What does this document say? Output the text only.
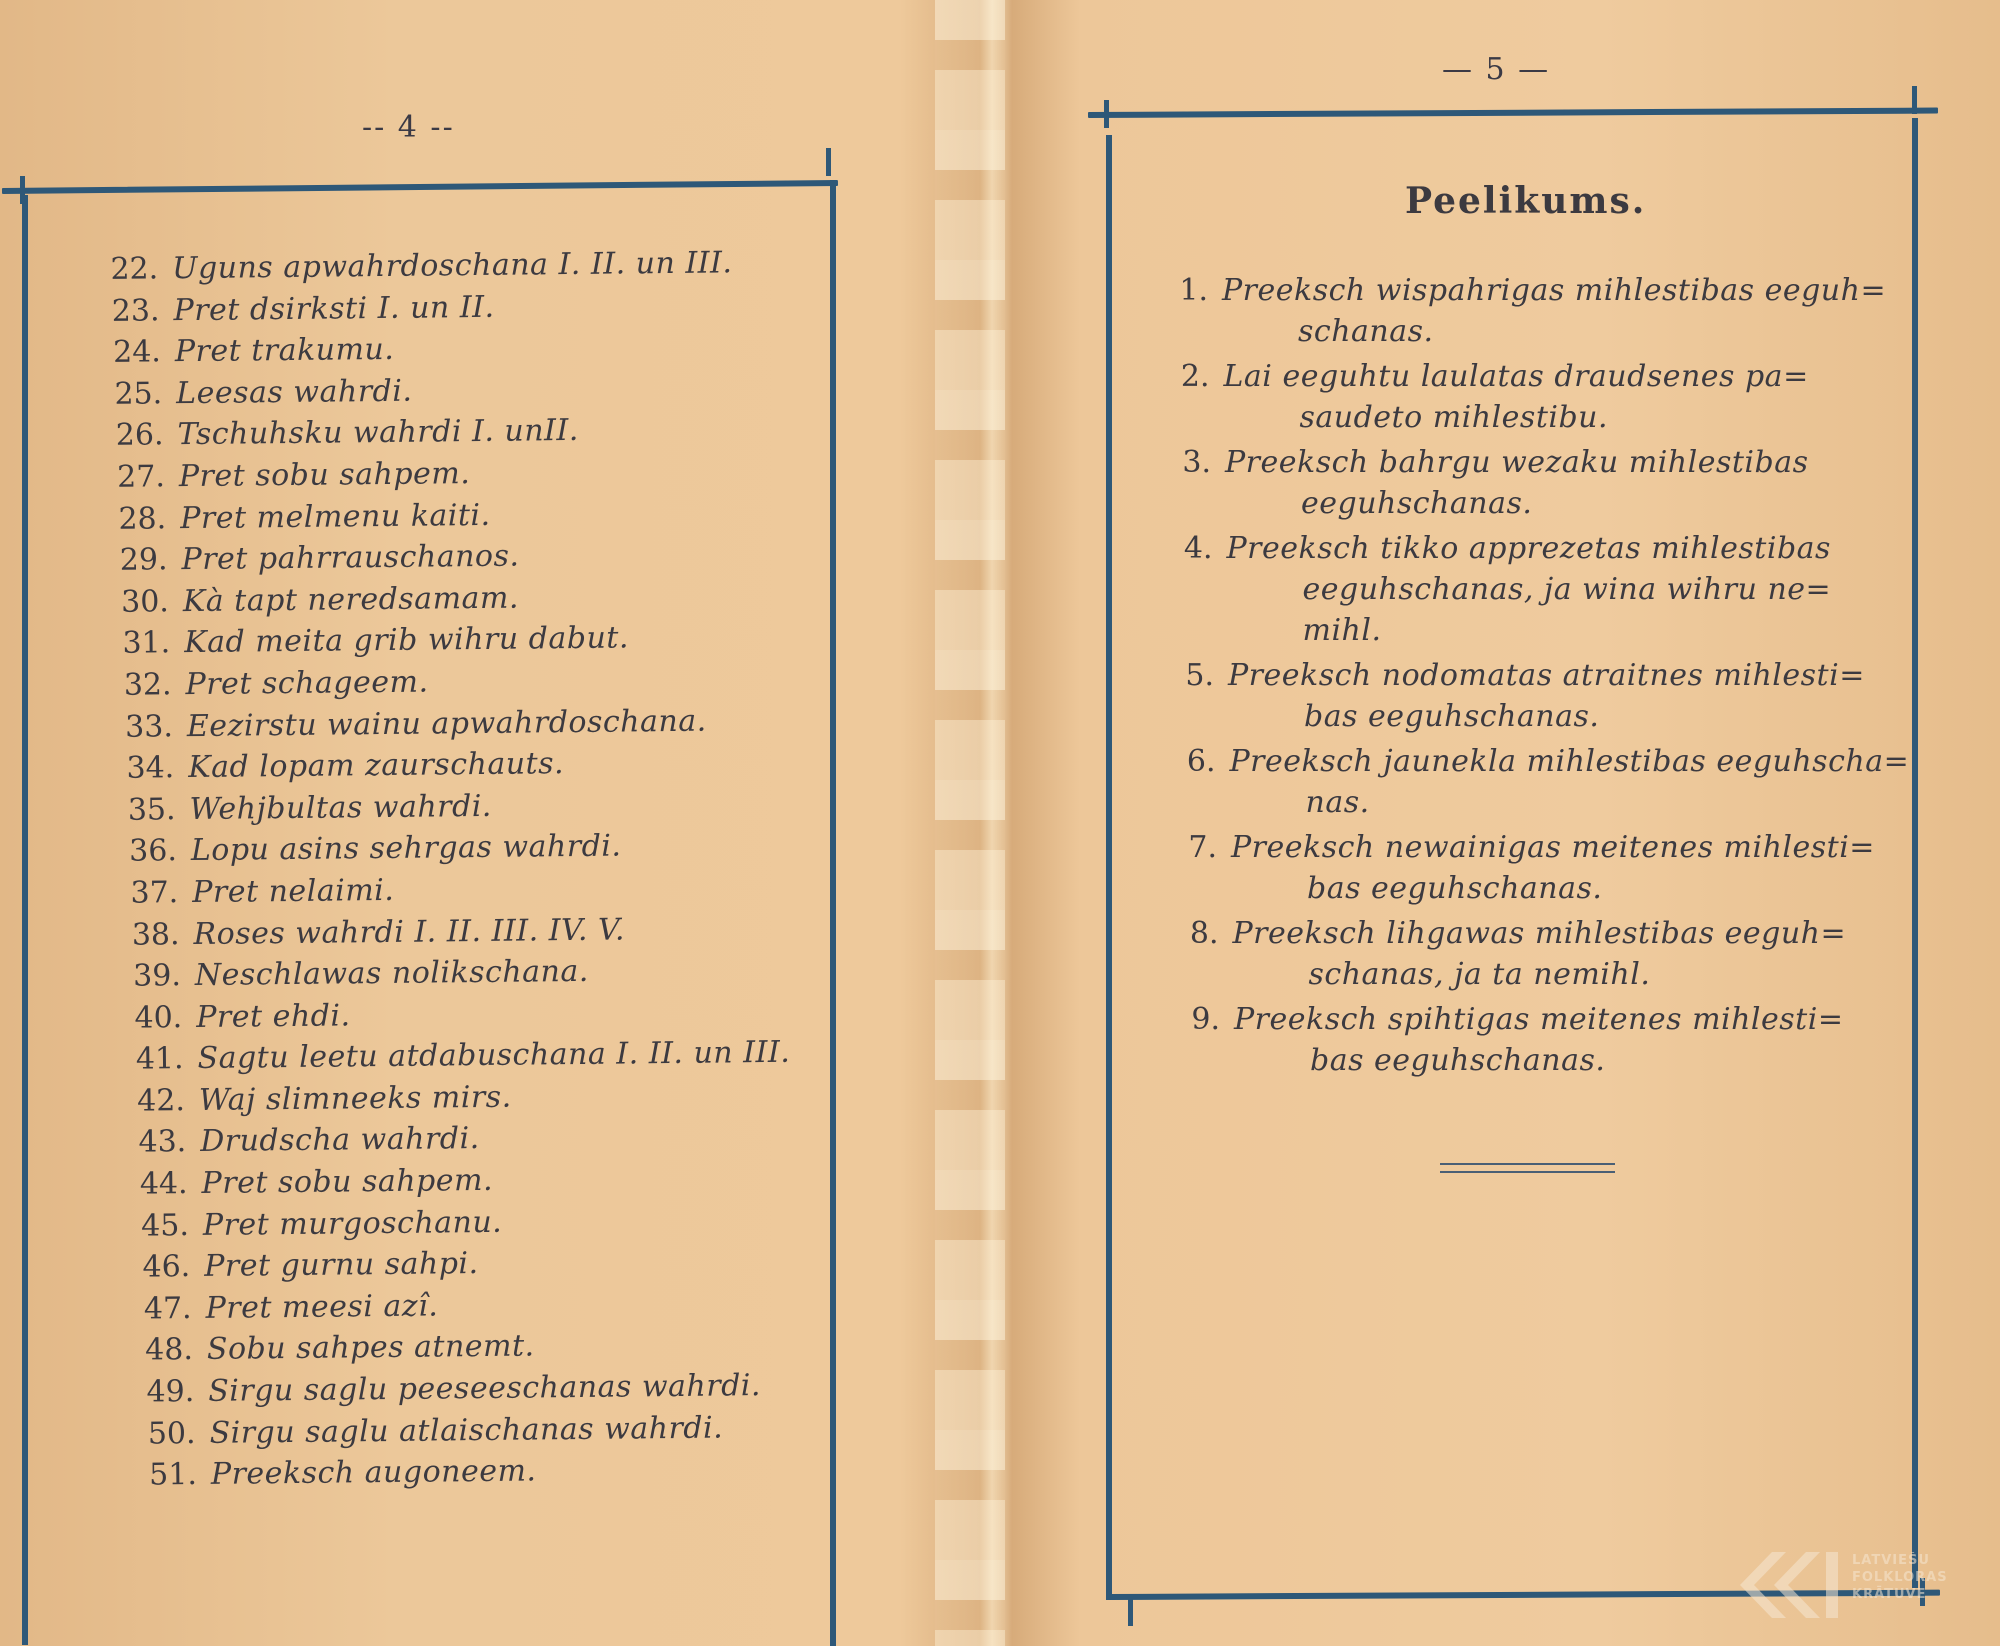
-- 4 --
22. Uguns apwahrdoschana I. II. un III.
23. Pret dsirksti I. un II.
24. Pret trakumu.
25. Leesas wahrdi.
26. Tschuhsku wahrdi I. unII.
27. Pret sobu sahpem.
28. Pret melmenu kaiti.
29. Pret pahrrauschanos.
30. Kà tapt neredsamam.
31. Kad meita grib wihru dabut.
32. Pret schageem.
33. Eezirstu wainu apwahrdoschana.
34. Kad lopam zaurschauts.
35. Wehjbultas wahrdi.
36. Lopu asins sehrgas wahrdi.
37. Pret nelaimi.
38. Roses wahrdi I. II. III. IV. V.
39. Neschlawas nolikschana.
40. Pret ehdi.
41. Sagtu leetu atdabuschana I. II. un III.
42. Waj slimneeks mirs.
43. Drudscha wahrdi.
44. Pret sobu sahpem.
45. Pret murgoschanu.
46. Pret gurnu sahpi.
47. Pret meesi azî.
48. Sobu sahpes atnemt.
49. Sirgu saglu peeseeschanas wahrdi.
50. Sirgu saglu atlaischanas wahrdi.
51. Preeksch augoneem.
— 5 —
Peelikums.
1. Preeksch wispahrigas mihlestibas eeguh=
schanas.
2. Lai eeguhtu laulatas draudsenes pa=
saudeto mihlestibu.
3. Preeksch bahrgu wezaku mihlestibas
eeguhschanas.
4. Preeksch tikko apprezetas mihlestibas
eeguhschanas, ja wina wihru ne=
mihl.
5. Preeksch nodomatas atraitnes mihlesti=
bas eeguhschanas.
6. Preeksch jaunekla mihlestibas eeguhscha=
nas.
7. Preeksch newainigas meitenes mihlesti=
bas eeguhschanas.
8. Preeksch lihgawas mihlestibas eeguh=
schanas, ja ta nemihl.
9. Preeksch spihtigas meitenes mihlesti=
bas eeguhschanas.
LATVIEŠU
FOLKLORAS
KRĀTUVE
